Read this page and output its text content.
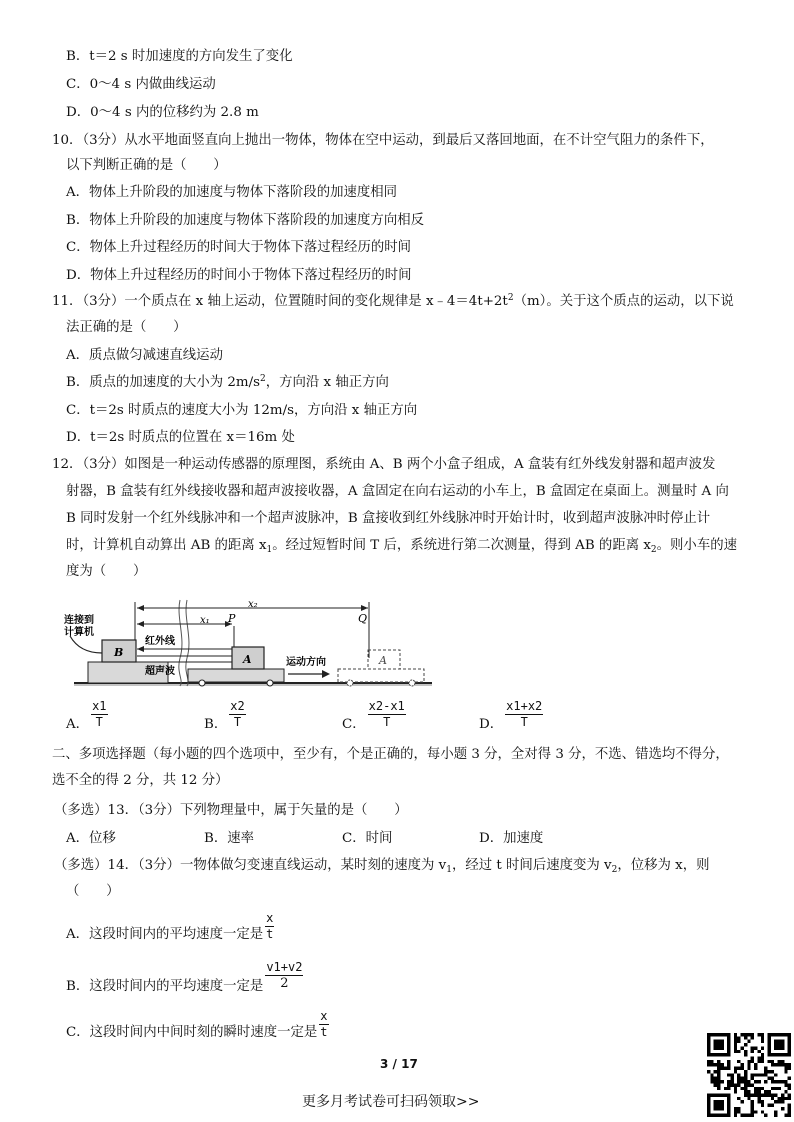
B．t＝2 s 时加速度的方向发生了变化
C．0～4 s 内做曲线运动
D．0～4 s 内的位移约为 2.8 m
10．（3分）从水平地面竖直向上抛出一物体，物体在空中运动，到最后又落回地面，在不计空气阻力的条件下，
以下判断正确的是（　　）
A．物体上升阶段的加速度与物体下落阶段的加速度相同
B．物体上升阶段的加速度与物体下落阶段的加速度方向相反
C．物体上升过程经历的时间大于物体下落过程经历的时间
D．物体上升过程经历的时间小于物体下落过程经历的时间
11．（3分）一个质点在 x 轴上运动，位置随时间的变化规律是 $x﹣4=4t+2t^2(m)$。关于这个质点的运动，以下说
法正确的是（　　）
A．质点做匀减速直线运动
B．质点的加速度的大小为 $2m/s^2$，方向沿 x 轴正方向
C．t＝2s 时质点的速度大小为 12m/s，方向沿 x 轴正方向
D．t＝2s 时质点的位置在 x＝16m 处
12．（3分）如图是一种运动传感器的原理图，系统由 A、B 两个小盒子组成，A 盒装有红外线发射器和超声波发
射器，B 盒装有红外线接收器和超声波接收器，A 盒固定在向右运动的小车上，B 盒固定在桌面上。测量时 A 向
B 同时发射一个红外线脉冲和一个超声波脉冲，B 盒接收到红外线脉冲时开始计时，收到超声波脉冲时停止计
时，计算机自动算出 AB 的距离 $x_1$。经过短暂时间 T 后，系统进行第二次测量，得到 AB 的距离 $x_2$。则小车的速
度为（　　）
B
连接到
计算机
x₂
x₁ P	Q
红外线
超声波
A	运动方向	A
A． $\frac{x1}{T}$	B． $\frac{x2}{T}$	C． $\frac{x2-x1}{T}$	D． $\frac{x1+x2}{T}$
二、多项选择题（每小题的四个选项中，至少有，个是正确的，每小题 3 分，全对得 3 分，不选、错选均不得分，
选不全的得 2 分，共 12 分）
（多选）13．（3分）下列物理量中，属于矢量的是（　　）
A．位移	B．速率	C．时间	D．加速度
（多选）14．（3分）一物体做匀变速直线运动，某时刻的速度为 $v_1$，经过 t 时间后速度变为 $v_2$，位移为 x，则
（　　）
A．这段时间内的平均速度一定是 $\frac{x}{t}$
B．这段时间内的平均速度一定是 $\frac{v1+v2}{2}$
C．这段时间内中间时刻的瞬时速度一定是 $\frac{x}{t}$
3 / 17
更多月考试卷可扫码领取>>
